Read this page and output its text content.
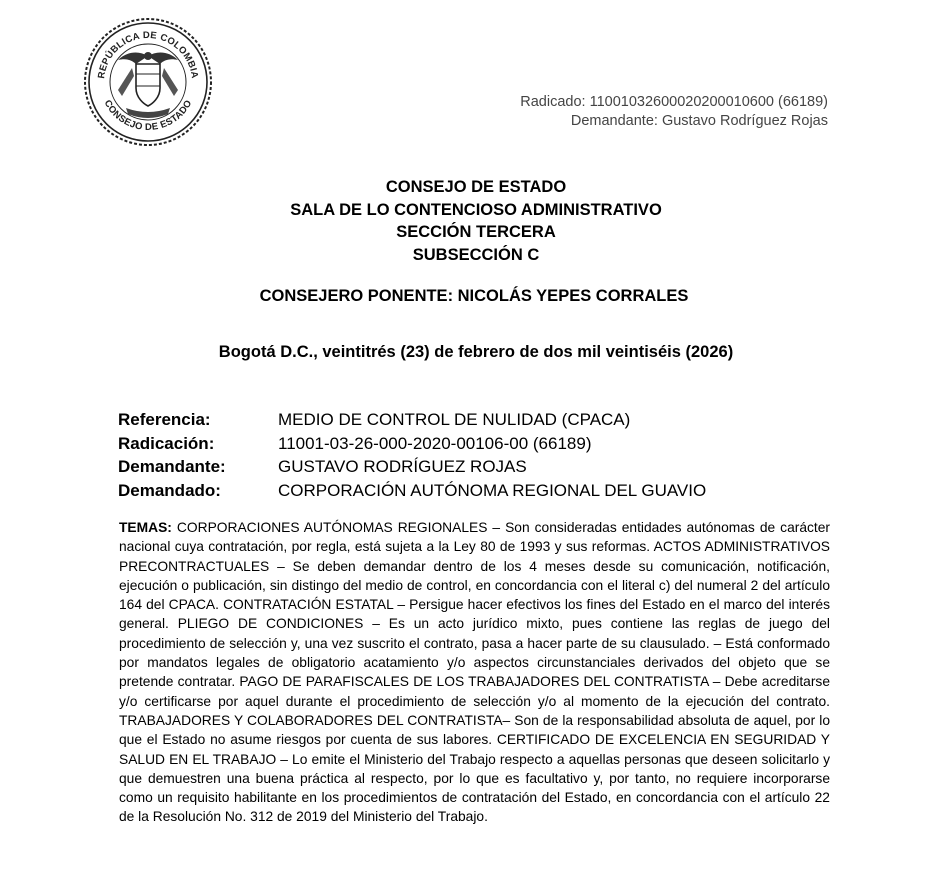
REPÚBLICA DE COLOMBIA
CONSEJO DE ESTADO	Radicado: 11001032600020200010600 (66189)
Demandante: Gustavo Rodríguez Rojas
CONSEJO DE ESTADO
SALA DE LO CONTENCIOSO ADMINISTRATIVO
SECCIÓN TERCERA
SUBSECCIÓN C
CONSEJERO PONENTE: NICOLÁS YEPES CORRALES
Bogotá D.C., veintitrés (23) de febrero de dos mil veintiséis (2026)
Referencia:	MEDIO DE CONTROL DE NULIDAD (CPACA)
Radicación:	11001-03-26-000-2020-00106-00 (66189)
Demandante:	GUSTAVO RODRÍGUEZ ROJAS
Demandado:	CORPORACIÓN AUTÓNOMA REGIONAL DEL GUAVIO
TEMAS: CORPORACIONES AUTÓNOMAS REGIONALES – Son consideradas entidades autónomas de carácter nacional cuya contratación, por regla, está sujeta a la Ley 80 de 1993 y sus reformas. ACTOS ADMINISTRATIVOS PRECONTRACTUALES – Se deben demandar dentro de los 4 meses desde su comunicación, notificación, ejecución o publicación, sin distingo del medio de control, en concordancia con el literal c) del numeral 2 del artículo 164 del CPACA. CONTRATACIÓN ESTATAL – Persigue hacer efectivos los fines del Estado en el marco del interés general. PLIEGO DE CONDICIONES – Es un acto jurídico mixto, pues contiene las reglas de juego del procedimiento de selección y, una vez suscrito el contrato, pasa a hacer parte de su clausulado. – Está conformado por mandatos legales de obligatorio acatamiento y/o aspectos circunstanciales derivados del objeto que se pretende contratar. PAGO DE PARAFISCALES DE LOS TRABAJADORES DEL CONTRATISTA – Debe acreditarse y/o certificarse por aquel durante el procedimiento de selección y/o al momento de la ejecución del contrato. TRABAJADORES Y COLABORADORES DEL CONTRATISTA– Son de la responsabilidad absoluta de aquel, por lo que el Estado no asume riesgos por cuenta de sus labores. CERTIFICADO DE EXCELENCIA EN SEGURIDAD Y SALUD EN EL TRABAJO – Lo emite el Ministerio del Trabajo respecto a aquellas personas que deseen solicitarlo y que demuestren una buena práctica al respecto, por lo que es facultativo y, por tanto, no requiere incorporarse como un requisito habilitante en los procedimientos de contratación del Estado, en concordancia con el artículo 22 de la Resolución No. 312 de 2019 del Ministerio del Trabajo.
